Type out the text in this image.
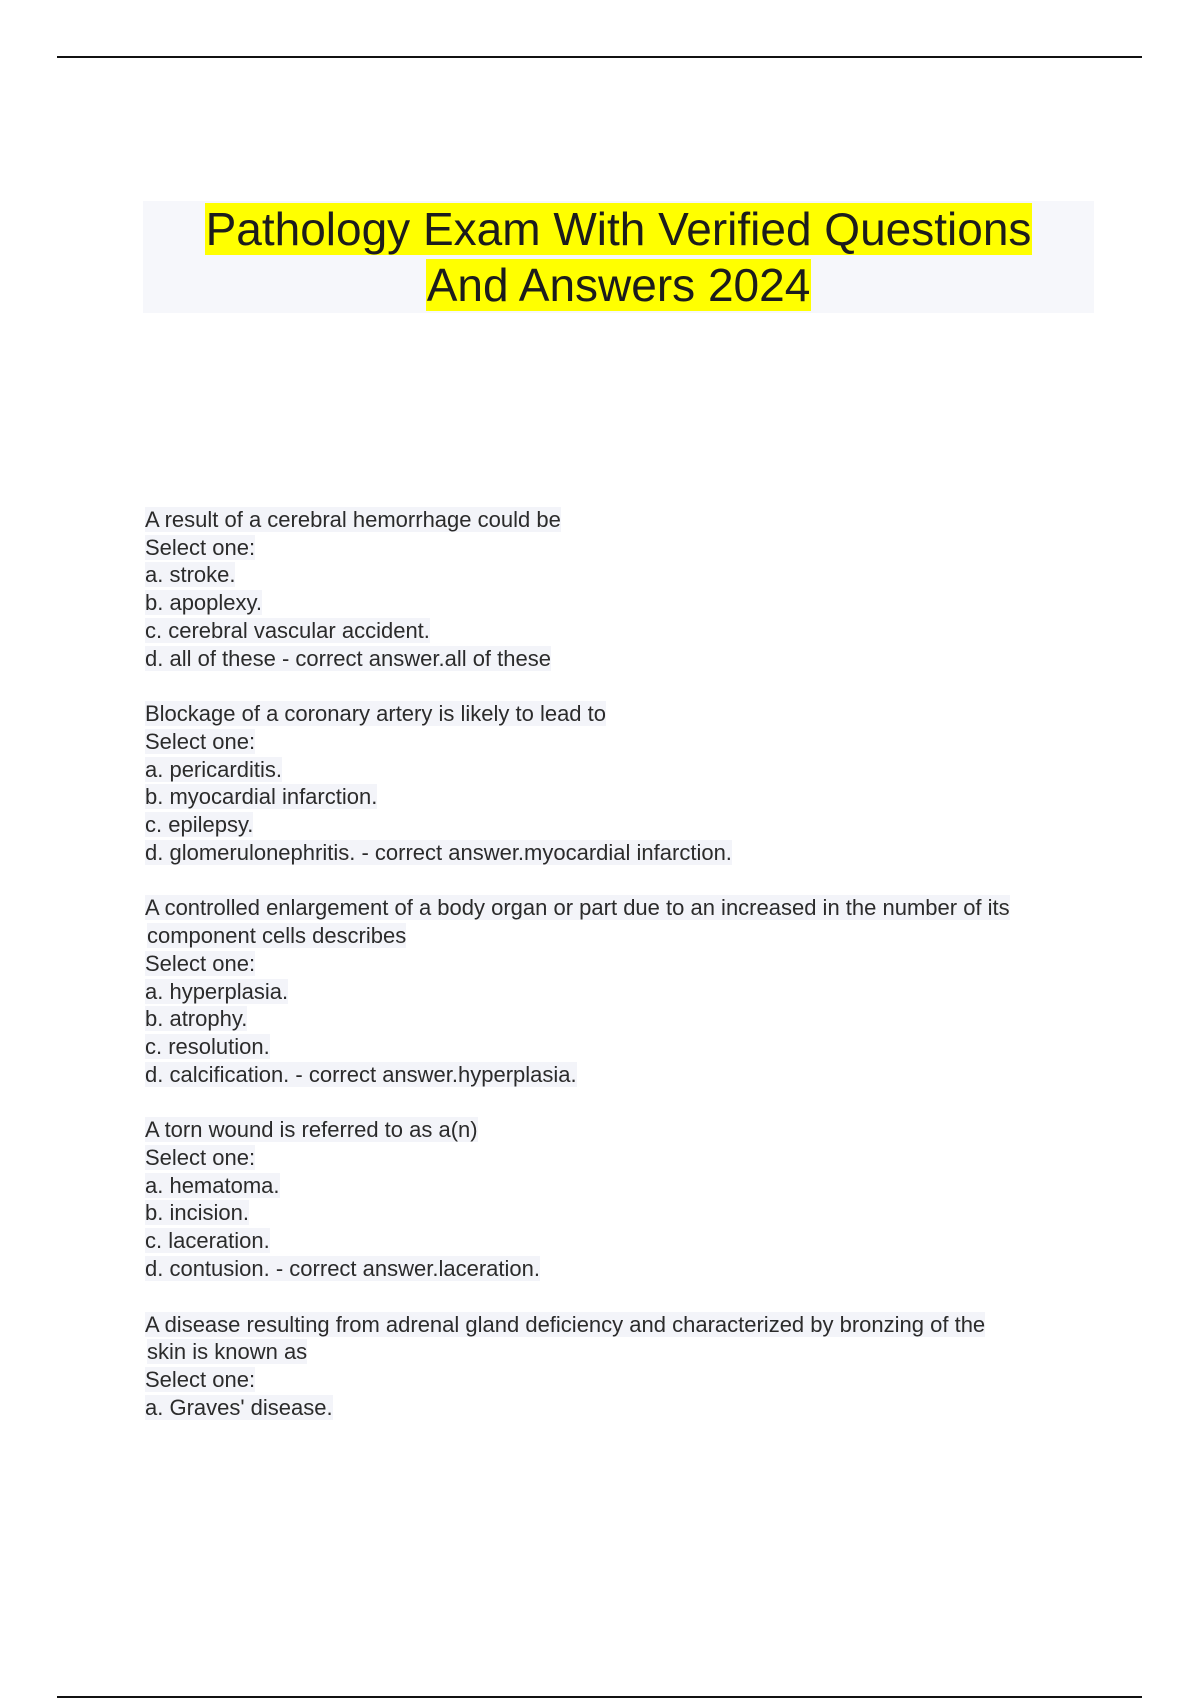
Pathology Exam With Verified Questions
And Answers 2024
A result of a cerebral hemorrhage could be
Select one:
a. stroke.
b. apoplexy.
c. cerebral vascular accident.
d. all of these - correct answer.all of these
Blockage of a coronary artery is likely to lead to
Select one:
a. pericarditis.
b. myocardial infarction.
c. epilepsy.
d. glomerulonephritis. - correct answer.myocardial infarction.
A controlled enlargement of a body organ or part due to an increased in the number of its
component cells describes
Select one:
a. hyperplasia.
b. atrophy.
c. resolution.
d. calcification. - correct answer.hyperplasia.
A torn wound is referred to as a(n)
Select one:
a. hematoma.
b. incision.
c. laceration.
d. contusion. - correct answer.laceration.
A disease resulting from adrenal gland deficiency and characterized by bronzing of the
skin is known as
Select one:
a. Graves' disease.
